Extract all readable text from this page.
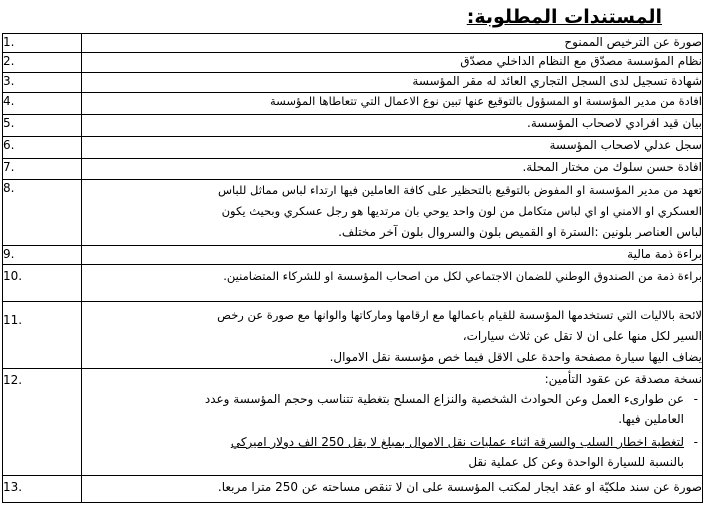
المستندات المطلوبة:
صورة عن الترخيص الممنوح	1.

نظام المؤسسة مصدّق مع النظام الداخلي مصدّق	2.

شهادة تسجيل لدى السجل التجاري العائد له مقر المؤسسة	3.

افادة من مدير المؤسسة او المسؤول بالتوقيع عنها تبين نوع الاعمال التي تتعاطاها المؤسسة	4.

بيان قيد افرادي لاصحاب المؤسسة.	5.

سجل عدلي لاصحاب المؤسسة	6.

افادة حسن سلوك من مختار المحلة.	7.

تعهد من مدير المؤسسة او المفوض بالتوقيع بالتحظير على كافة العاملين فيها ارتداء لباس مماثل للباس
العسكري او الامني او اي لباس متكامل من لون واحد يوحي بان مرتديها هو رجل عسكري وبحيث يكون
لباس العناصر بلونين :السترة او القميص بلون والسروال بلون آخر مختلف.	8.

براءة ذمة مالية	9.

براءة ذمة من الصندوق الوطني للضمان الاجتماعي لكل من اصحاب المؤسسة او للشركاء المتضامنين.	10.

لائحة بالاليات التي تستخدمها المؤسسة للقيام باعمالها مع ارقامها وماركاتها والوانها مع صورة عن رخص
السير لكل منها على ان لا تقل عن ثلاث سيارات،
يضاف اليها سيارة مصفحة واحدة على الاقل فيما خص مؤسسة نقل الاموال.	11.

نسخة مصدقة عن عقود التأمين:
- عن طوارىء العمل وعن الحوادث الشخصية والنزاع المسلح بتغطية تتناسب وحجم المؤسسة وعدد
العاملين فيها.
- لتغطية اخطار السلب والسرقة اثناء عمليات نقل الاموال بمبلغ لا يقل 250 الف دولار اميركي
بالنسبة للسيارة الواحدة وعن كل عملية نقل	12.

صورة عن سند ملكيّة او عقد ايجار لمكتب المؤسسة على ان لا تنقص مساحته عن 250 مترا مربعا.	13.
